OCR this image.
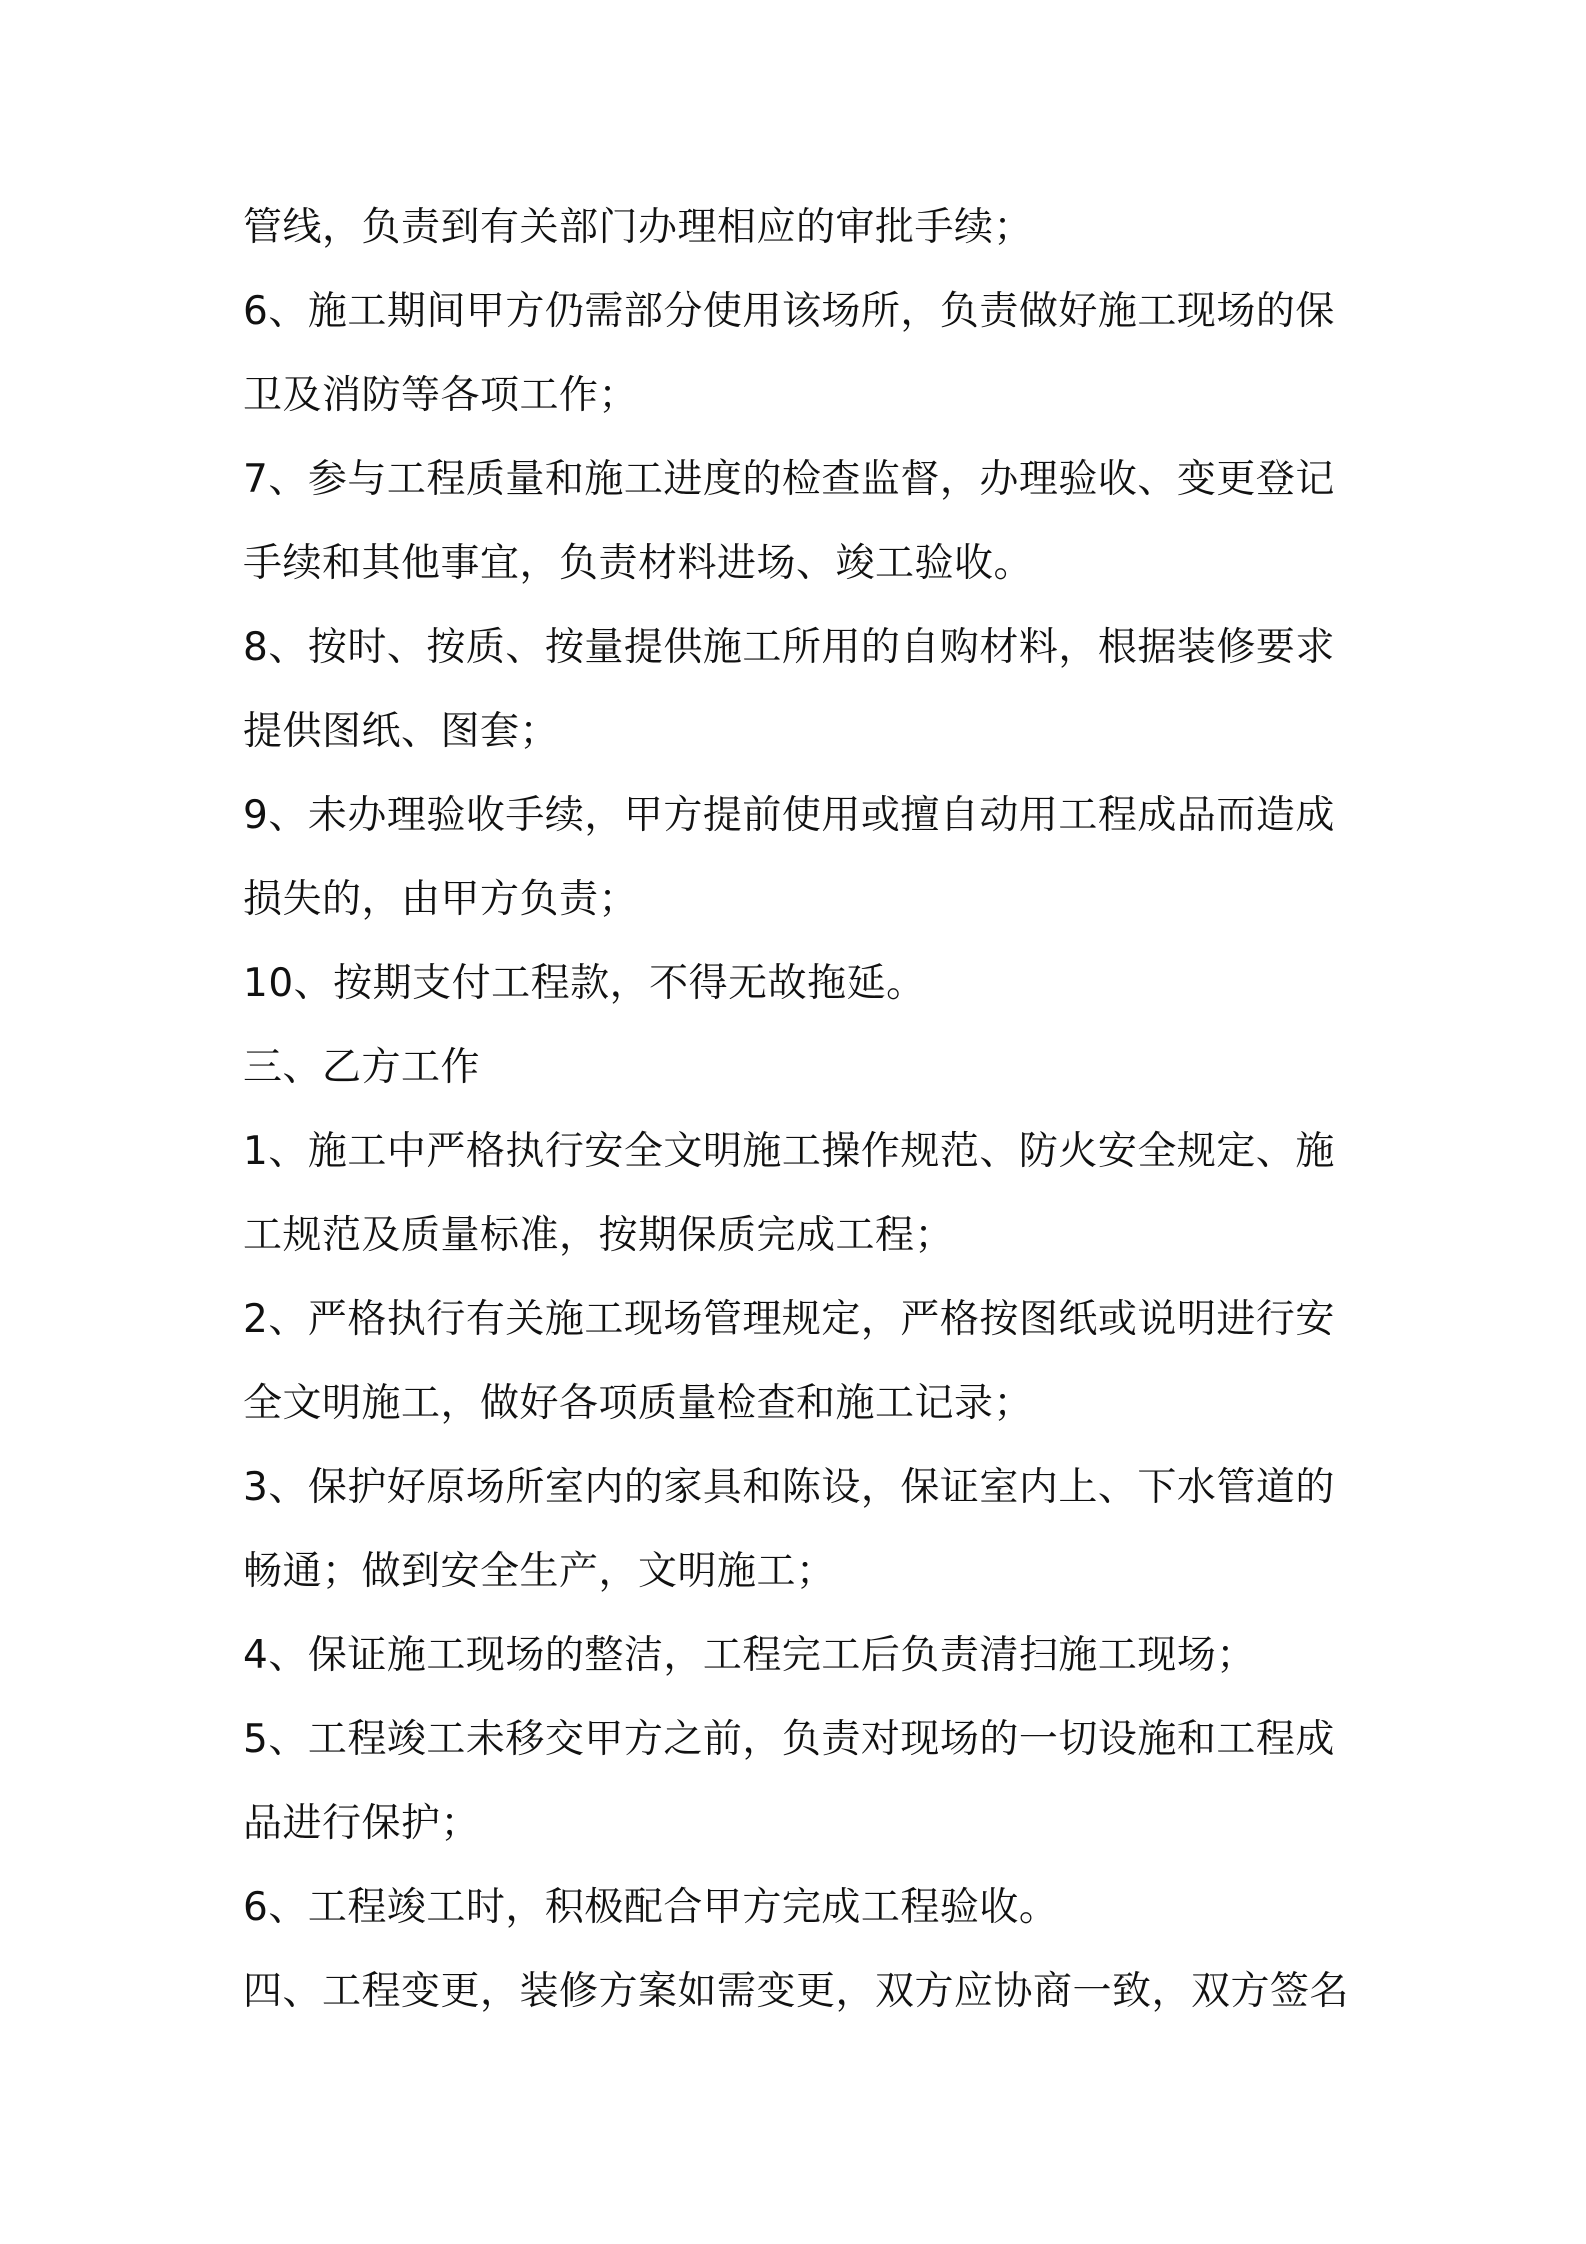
管线，负责到有关部门办理相应的审批手续；
6、施工期间甲方仍需部分使用该场所，负责做好施工现场的保
卫及消防等各项工作；
7、参与工程质量和施工进度的检查监督，办理验收、变更登记
手续和其他事宜，负责材料进场、竣工验收。
8、按时、按质、按量提供施工所用的自购材料，根据装修要求
提供图纸、图套；
9、未办理验收手续，甲方提前使用或擅自动用工程成品而造成
损失的，由甲方负责；
10、按期支付工程款，不得无故拖延。
三、乙方工作
1、施工中严格执行安全文明施工操作规范、防火安全规定、施
工规范及质量标准，按期保质完成工程；
2、严格执行有关施工现场管理规定，严格按图纸或说明进行安
全文明施工，做好各项质量检查和施工记录；
3、保护好原场所室内的家具和陈设，保证室内上、下水管道的
畅通；做到安全生产，文明施工；
4、保证施工现场的整洁，工程完工后负责清扫施工现场；
5、工程竣工未移交甲方之前，负责对现场的一切设施和工程成
品进行保护；
6、工程竣工时，积极配合甲方完成工程验收。
四、工程变更，装修方案如需变更，双方应协商一致，双方签名
